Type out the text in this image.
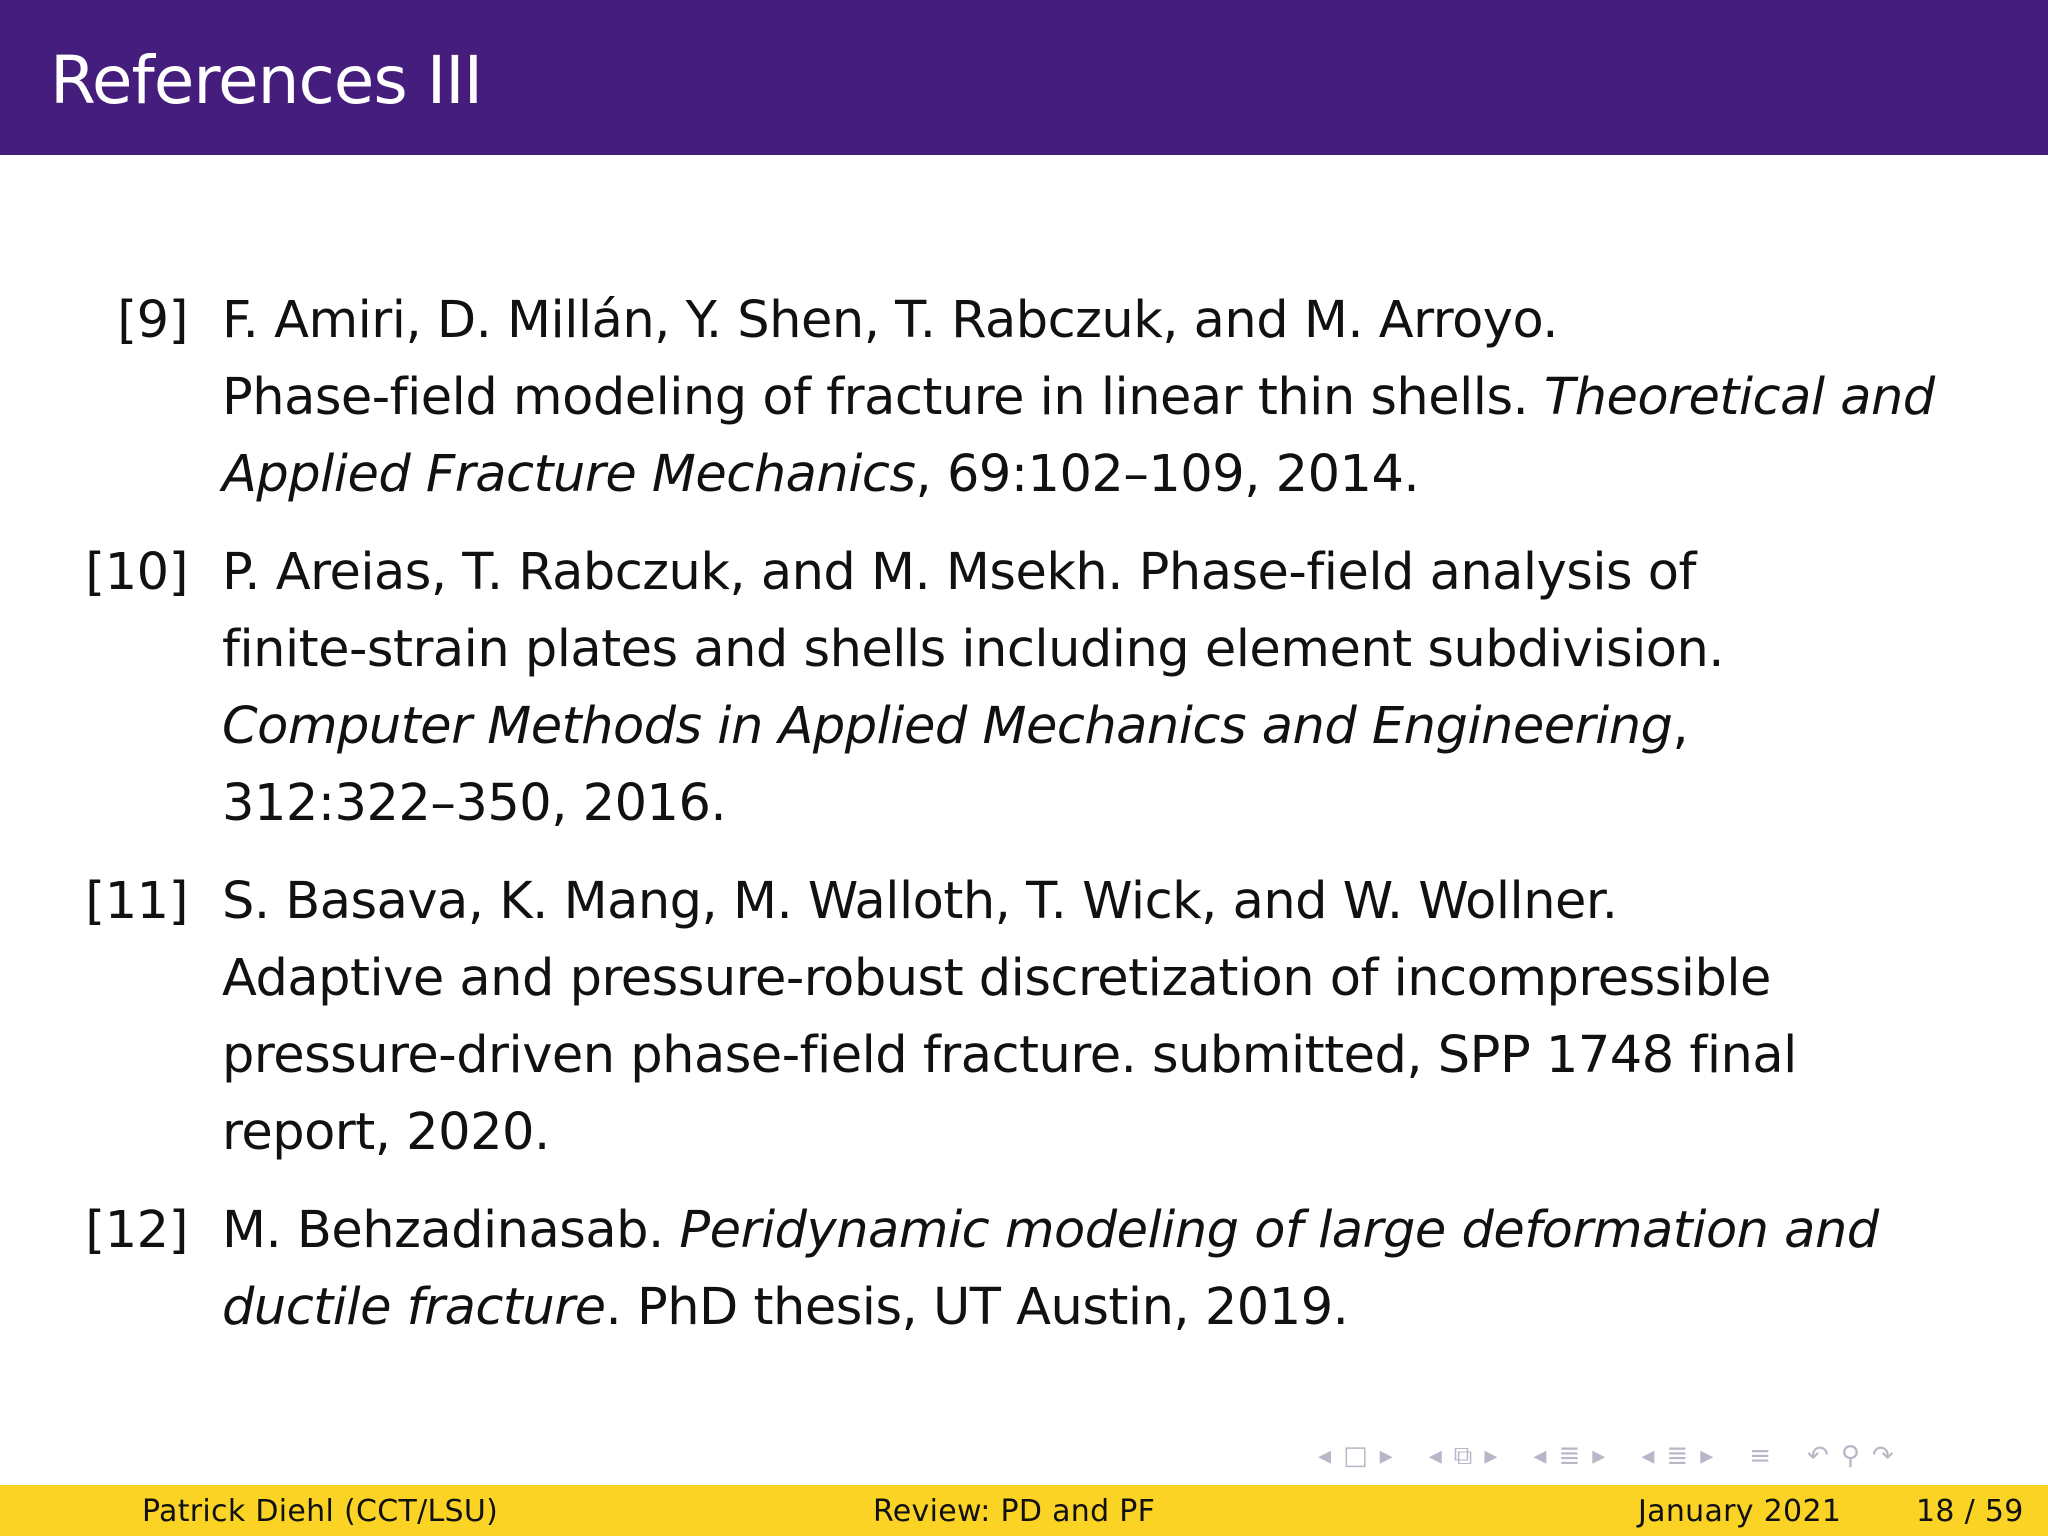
References III
[9] F. Amiri, D. Millán, Y. Shen, T. Rabczuk, and M. Arroyo.
Phase-field modeling of fracture in linear thin shells. Theoretical and
Applied Fracture Mechanics, 69:102–109, 2014.
[10] P. Areias, T. Rabczuk, and M. Msekh. Phase-field analysis of
finite-strain plates and shells including element subdivision.
Computer Methods in Applied Mechanics and Engineering,
312:322–350, 2016.
[11] S. Basava, K. Mang, M. Walloth, T. Wick, and W. Wollner.
Adaptive and pressure-robust discretization of incompressible
pressure-driven phase-field fracture. submitted, SPP 1748 final
report, 2020.
[12] M. Behzadinasab. Peridynamic modeling of large deformation and
ductile fracture. PhD thesis, UT Austin, 2019.
◂ □ ▸ ◂ ⧉ ▸ ◂ ≣ ▸ ◂ ≣ ▸ ≡ ↶ ⚲ ↷
Patrick Diehl (CCT/LSU)	Review: PD and PF	January 2021 18 / 59
